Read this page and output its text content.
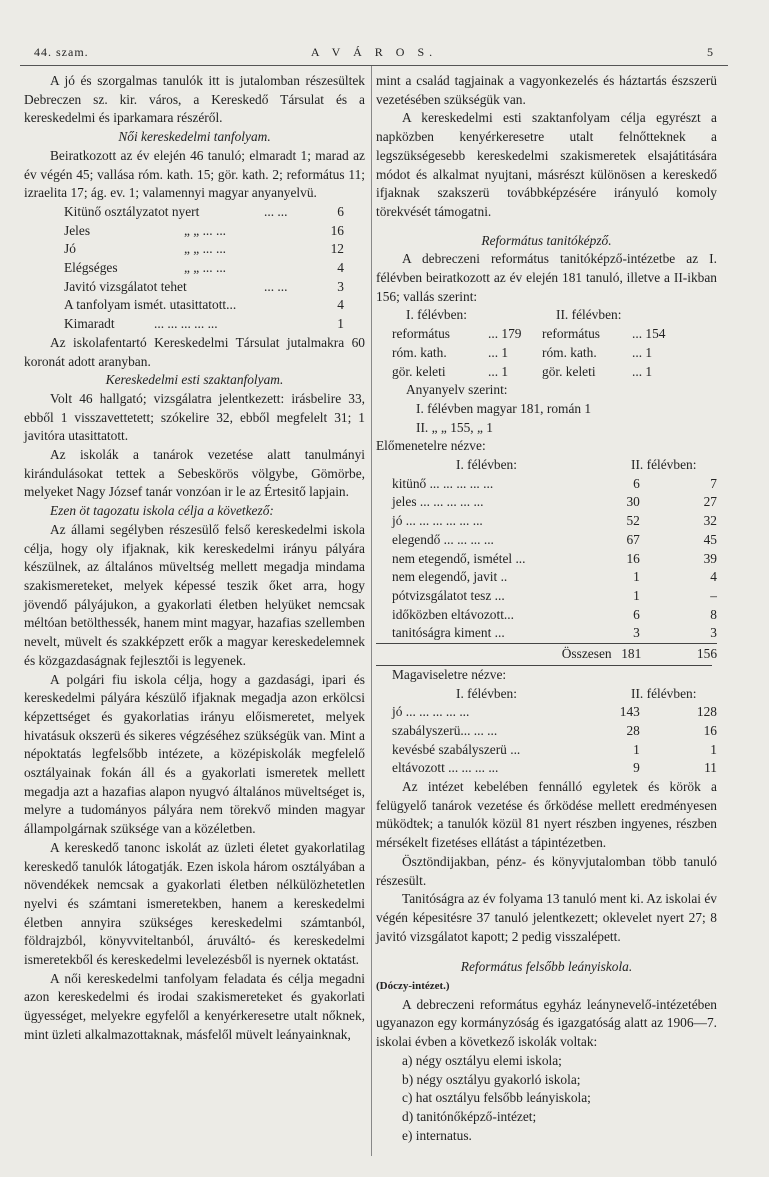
44. szam.	A V Á R O S.	5

A jó és szorgalmas tanulók itt is jutalomban részesültek Debreczen sz. kir. város, a Kereskedő Társulat és a kereskedelmi és iparkamara részéről.

Női kereskedelmi tanfolyam.

Beiratkozott az év elején 46 tanuló; elmaradt 1; marad az év végén 45; vallása róm. kath. 15; gör. kath. 2; református 11; izraelita 17; ág. ev. 1; valamennyi magyar anyanyelvü.

Kitünő osztályzatot nyert	... ...	6
Jeles	„ „ ... ...	16
Jó	„ „ ... ...	12
Elégséges	„ „ ... ...	4
Javitó vizsgálatot tehet	... ...	3
A tanfolyam ismét. utasittatott...	4
Kimaradt	... ... ... ... ...	1

Az iskolafentartó Kereskedelmi Társulat jutalmakra 60 koronát adott aranyban.

Kereskedelmi esti szaktanfolyam.

Volt 46 hallgató; vizsgálatra jelentkezett: irásbelire 33, ebből 1 visszavettetett; szókelire 32, ebből megfelelt 31; 1 javitóra utasittatott.

Az iskolák a tanárok vezetése alatt tanulmányi kirándulásokat tettek a Sebeskörös völgybe, Gömörbe, melyeket Nagy József tanár vonzóan ir le az Értesitő lapjain.

Ezen öt tagozatu iskola célja a következő:

Az állami segélyben részesülő felső kereskedelmi iskola célja, hogy oly ifjaknak, kik kereskedelmi irányu pályára készülnek, az általános müveltség mellett megadja mindama szakismereteket, melyek képessé teszik őket arra, hogy jövendő pályájukon, a gyakorlati életben helyüket nemcsak méltóan betölthessék, hanem mint magyar, hazafias szellemben nevelt, müvelt és szakképzett erők a magyar kereskedelemnek és közgazdaságnak fejlesztői is legyenek.

A polgári fiu iskola célja, hogy a gazdasági, ipari és kereskedelmi pályára készülő ifjaknak megadja azon erkölcsi képzettséget és gyakorlatias irányu előismeretet, melyek hivatásuk okszerü és sikeres végzéséhez szükségük van. Mint a népoktatás legfelsőbb intézete, a középiskolák megfelelő osztályainak fokán áll és a gyakorlati ismeretek mellett megadja azt a hazafias alapon nyugvó általános müveltséget is, melyre a tudományos pályára nem törekvő minden magyar állampolgárnak szüksége van a közéletben.

A kereskedő tanonc iskolát az üzleti életet gyakorlatilag kereskedő tanulók látogatják. Ezen iskola három osztályában a növendékek nemcsak a gyakorlati életben nélkülözhetetlen nyelvi és számtani ismeretekben, hanem a kereskedelmi életben annyira szükséges kereskedelmi számtanból, földrajzból, könyvviteltanból, áruváltó- és kereskedelmi ismeretekből és kereskedelmi levelezésből is nyernek oktatást.

A női kereskedelmi tanfolyam feladata és célja megadni azon kereskedelmi és irodai szakismereteket és gyakorlati ügyességet, melyekre egyfelől a kenyérkeresetre utalt nőknek, mint üzleti alkalmazottaknak, másfelől müvelt leányainknak,

mint a család tagjainak a vagyonkezelés és háztartás észszerü vezetésében szükségük van.

A kereskedelmi esti szaktanfolyam célja egyrészt a napközben kenyérkeresetre utalt felnőtteknek a legszükségesebb kereskedelmi szakismeretek elsajátitására módot és alkalmat nyujtani, másrészt különösen a kereskedő ifjaknak szakszerü továbbképzésére irányuló komoly törekvését támogatni.

Református tanitóképző.

A debreczeni református tanitóképző-intézetbe az I. félévben beiratkozott az év elején 181 tanuló, illetve a II-ikban 156; vallás szerint:

I. félévben:	II. félévben:
református	... 179	református	... 154
róm. kath.	... 1	róm. kath.	... 1
gör. keleti	... 1	gör. keleti	... 1

Anyanyelv szerint:

I. félévben magyar 181, román 1

II. „ „ 155, „ 1

Előmenetelre nézve:

I. félévben:	II. félévben:
kitünő ... ... ... ... ...	6	7
jeles ... ... ... ... ...	30	27
jó ... ... ... ... ... ...	52	32
elegendő ... ... ... ...	67	45
nem etegendő, ismétel ...	16	39
nem elegendő, javit ..	1	4
pótvizsgálatot tesz ...	1	–
időközben eltávozott...	6	8
tanitóságra kiment ...	3	3
Összesen 181	156

Magaviseletre nézve:

I. félévben:	II. félévben:
jó ... ... ... ... ...	143	128
szabályszerü... ... ...	28	16
kevésbé szabályszerü ...	1	1
eltávozott ... ... ... ...	9	11

Az intézet kebelében fennálló egyletek és körök a felügyelő tanárok vezetése és őrködése mellett eredményesen müködtek; a tanulók közül 81 nyert részben ingyenes, részben mérsékelt fizetéses ellátást a tápintézetben.

Ösztöndijakban, pénz- és könyvjutalomban több tanuló részesült.

Tanitóságra az év folyama 13 tanuló ment ki. Az iskolai év végén képesitésre 37 tanuló jelentkezett; oklevelet nyert 27; 8 javitó vizsgálatot kapott; 2 pedig visszalépett.

Református felsőbb leányiskola.

(Dóczy-intézet.)

A debreczeni református egyház leánynevelő-intézetében ugyanazon egy kormányzóság és igazgatóság alatt az 1906—7. iskolai évben a következő iskolák voltak:

a) négy osztályu elemi iskola;

b) négy osztályu gyakorló iskola;

c) hat osztályu felsőbb leányiskola;

d) tanitónőképző-intézet;

e) internatus.
